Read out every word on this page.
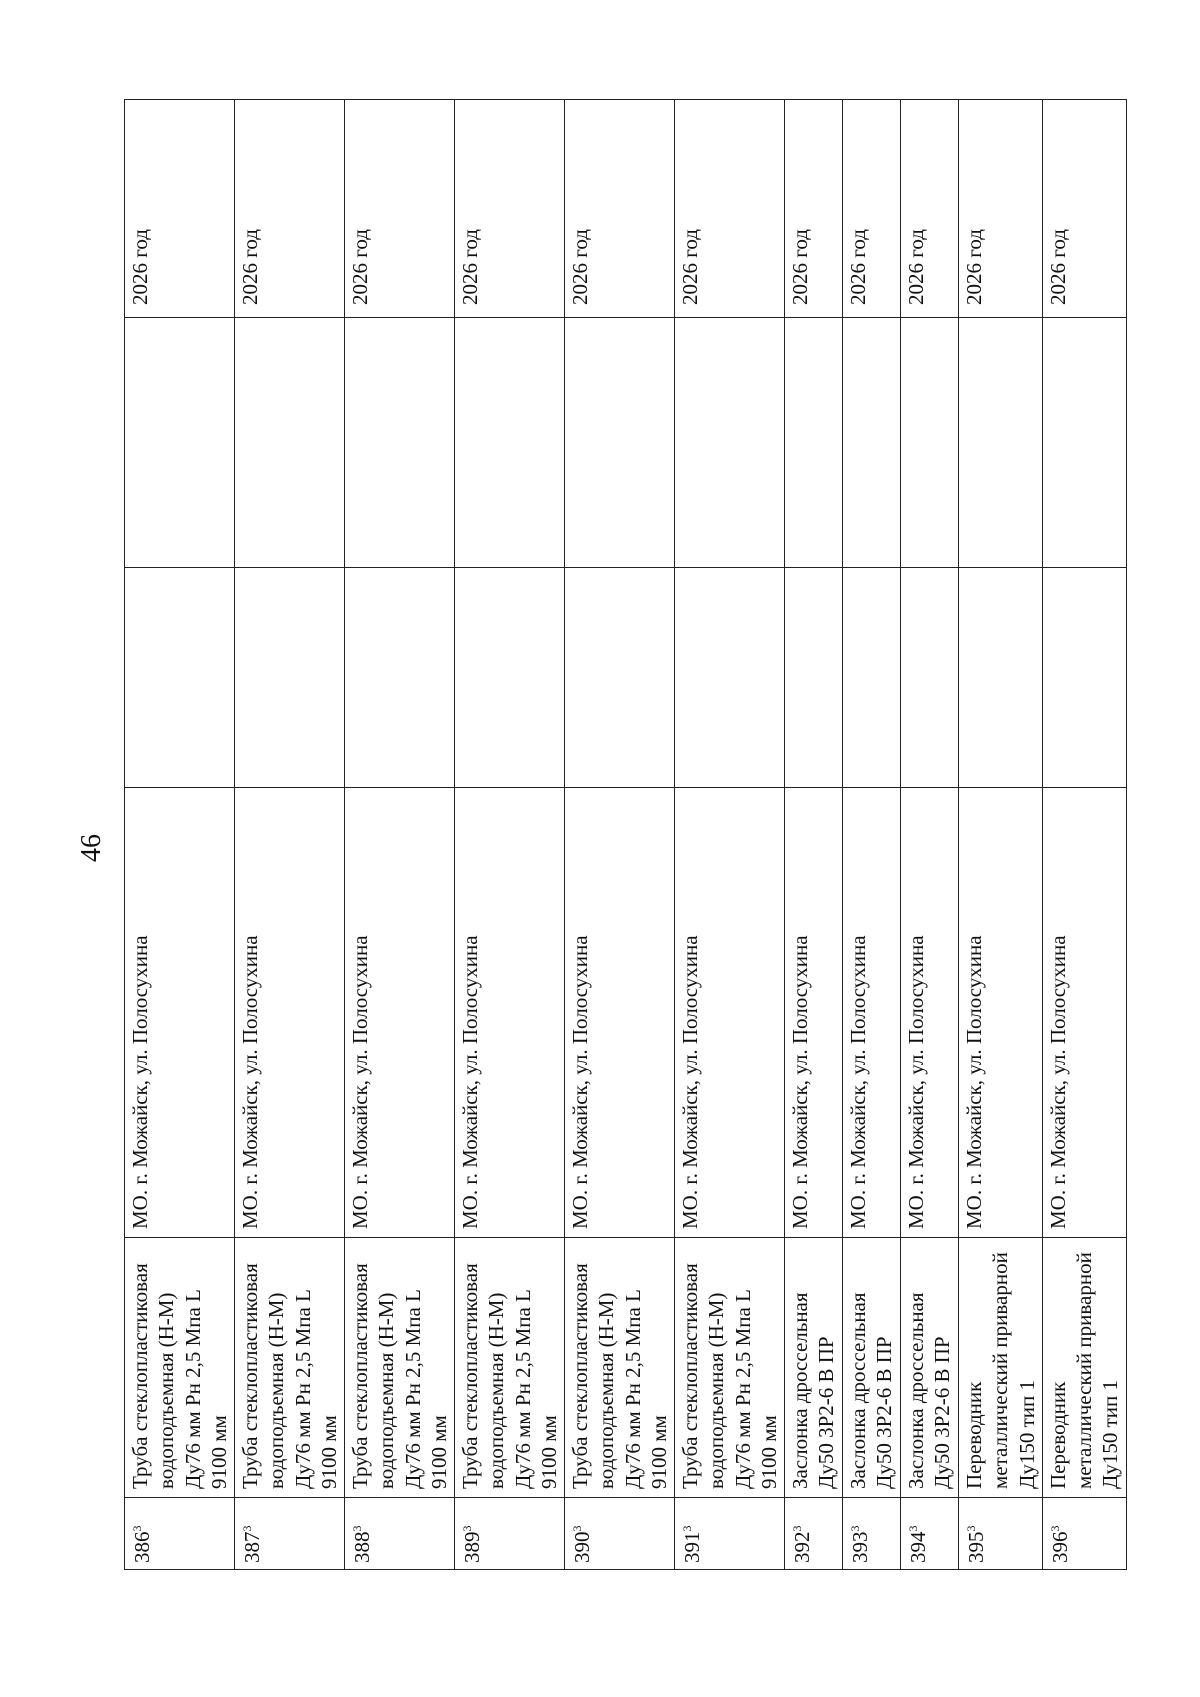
46
$386^3$	Труба стеклопластиковая водоподъемная (Н-М) Ду76 мм Рн 2,5 Мпа L 9100 мм	МО. г. Можайск, ул. Полосухина			2026 год
$387^3$	Труба стеклопластиковая водоподъемная (Н-М) Ду76 мм Рн 2,5 Мпа L 9100 мм	МО. г. Можайск, ул. Полосухина			2026 год
$388^3$	Труба стеклопластиковая водоподъемная (Н-М) Ду76 мм Рн 2,5 Мпа L 9100 мм	МО. г. Можайск, ул. Полосухина			2026 год
$389^3$	Труба стеклопластиковая водоподъемная (Н-М) Ду76 мм Рн 2,5 Мпа L 9100 мм	МО. г. Можайск, ул. Полосухина			2026 год
$390^3$	Труба стеклопластиковая водоподъемная (Н-М) Ду76 мм Рн 2,5 Мпа L 9100 мм	МО. г. Можайск, ул. Полосухина			2026 год
$391^3$	Труба стеклопластиковая водоподъемная (Н-М) Ду76 мм Рн 2,5 Мпа L 9100 мм	МО. г. Можайск, ул. Полосухина			2026 год
$392^3$	Заслонка дроссельная Ду50 3Р2-6 В ПР	МО. г. Можайск, ул. Полосухина			2026 год
$393^3$	Заслонка дроссельная Ду50 3Р2-6 В ПР	МО. г. Можайск, ул. Полосухина			2026 год
$394^3$	Заслонка дроссельная Ду50 3Р2-6 В ПР	МО. г. Можайск, ул. Полосухина			2026 год
$395^3$	Переводник металлический приварной Ду150 тип 1	МО. г. Можайск, ул. Полосухина			2026 год
$396^3$	Переводник металлический приварной Ду150 тип 1	МО. г. Можайск, ул. Полосухина			2026 год
